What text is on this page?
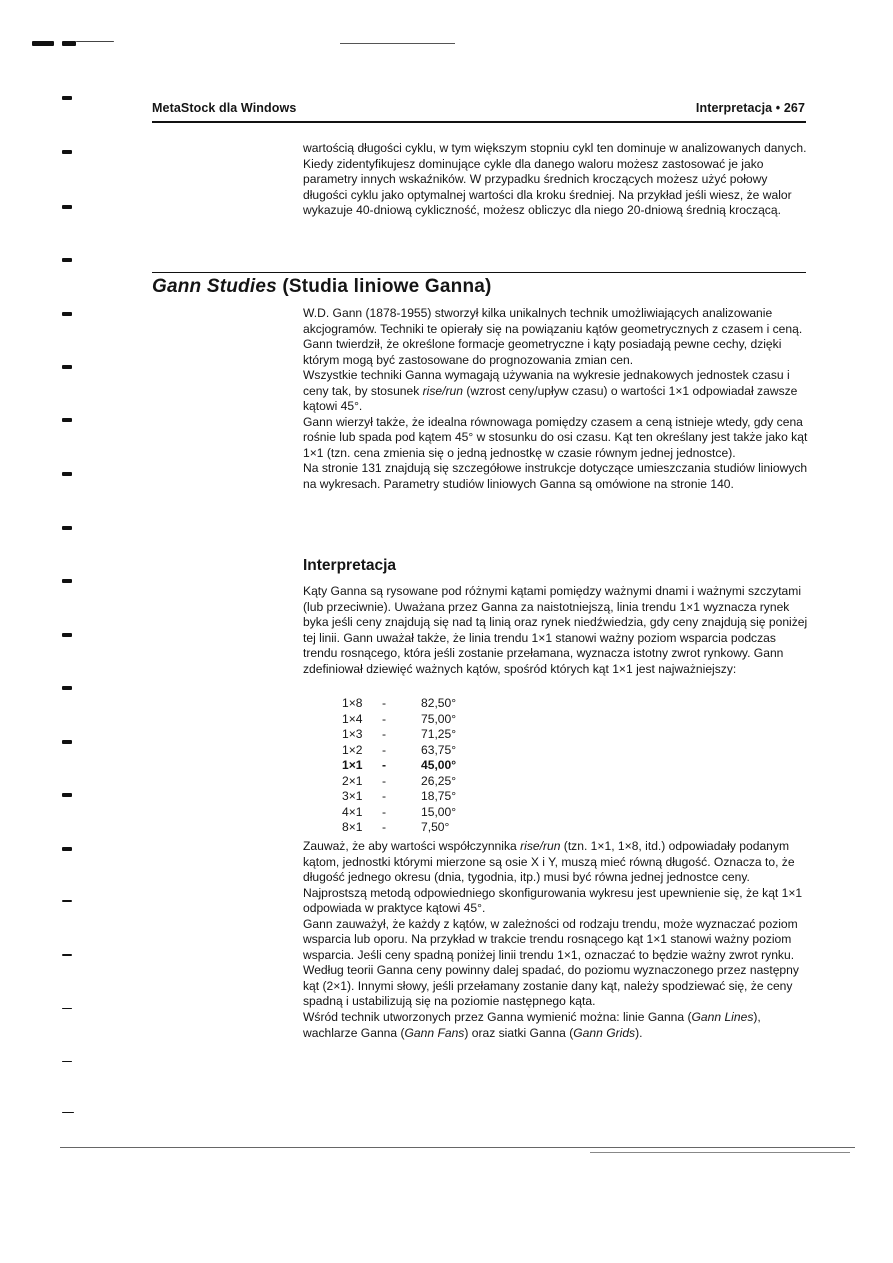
MetaStock dla Windows	Interpretacja • 267

wartością długości cyklu, w tym większym stopniu cykl ten dominuje w analizowanych danych.

Kiedy zidentyfikujesz dominujące cykle dla danego waloru możesz zastosować je jako parametry innych wskaźników. W przypadku średnich kroczących możesz użyć połowy długości cyklu jako optymalnej wartości dla kroku średniej. Na przykład jeśli wiesz, że walor wykazuje 40-dniową cykliczność, możesz obliczyc dla niego 20-dniową średnią kroczącą.

Gann Studies (Studia liniowe Ganna)

W.D. Gann (1878-1955) stworzył kilka unikalnych technik umożliwiających analizowanie akcjogramów. Techniki te opierały się na powiązaniu kątów geometrycznych z czasem i ceną. Gann twierdził, że określone formacje geometryczne i kąty posiadają pewne cechy, dzięki którym mogą być zastosowane do prognozowania zmian cen.

Wszystkie techniki Ganna wymagają używania na wykresie jednakowych jednostek czasu i ceny tak, by stosunek rise/run (wzrost ceny/upływ czasu) o wartości 1×1 odpowiadał zawsze kątowi 45°.

Gann wierzył także, że idealna równowaga pomiędzy czasem a ceną istnieje wtedy, gdy cena rośnie lub spada pod kątem 45° w stosunku do osi czasu. Kąt ten określany jest także jako kąt 1×1 (tzn. cena zmienia się o jedną jednostkę w czasie równym jednej jednostce).

Na stronie 131 znajdują się szczegółowe instrukcje dotyczące umieszczania studiów liniowych na wykresach. Parametry studiów liniowych Ganna są omówione na stronie 140.

Interpretacja

Kąty Ganna są rysowane pod różnymi kątami pomiędzy ważnymi dnami i ważnymi szczytami (lub przeciwnie). Uważana przez Ganna za naistotniejszą, linia trendu 1×1 wyznacza rynek byka jeśli ceny znajdują się nad tą linią oraz rynek niedźwiedzia, gdy ceny znajdują się poniżej tej linii. Gann uważał także, że linia trendu 1×1 stanowi ważny poziom wsparcia podczas trendu rosnącego, która jeśli zostanie przełamana, wyznacza istotny zwrot rynkowy. Gann zdefiniował dziewięć ważnych kątów, spośród których kąt 1×1 jest najważniejszy:

1×8	-	82,50°
1×4	-	75,00°
1×3	-	71,25°
1×2	-	63,75°
1×1	-	45,00°
2×1	-	26,25°
3×1	-	18,75°
4×1	-	15,00°
8×1	-	7,50°

Zauważ, że aby wartości współczynnika rise/run (tzn. 1×1, 1×8, itd.) odpowiadały podanym kątom, jednostki którymi mierzone są osie X i Y, muszą mieć równą długość. Oznacza to, że długość jednego okresu (dnia, tygodnia, itp.) musi być równa jednej jednostce ceny. Najprostszą metodą odpowiedniego skonfigurowania wykresu jest upewnienie się, że kąt 1×1 odpowiada w praktyce kątowi 45°.

Gann zauważył, że każdy z kątów, w zależności od rodzaju trendu, może wyznaczać poziom wsparcia lub oporu. Na przykład w trakcie trendu rosnącego kąt 1×1 stanowi ważny poziom wsparcia. Jeśli ceny spadną poniżej linii trendu 1×1, oznaczać to będzie ważny zwrot rynku. Według teorii Ganna ceny powinny dalej spadać, do poziomu wyznaczonego przez następny kąt (2×1). Innymi słowy, jeśli przełamany zostanie dany kąt, należy spodziewać się, że ceny spadną i ustabilizują się na poziomie następnego kąta.

Wśród technik utworzonych przez Ganna wymienić można: linie Ganna (Gann Lines), wachlarze Ganna (Gann Fans) oraz siatki Ganna (Gann Grids).
